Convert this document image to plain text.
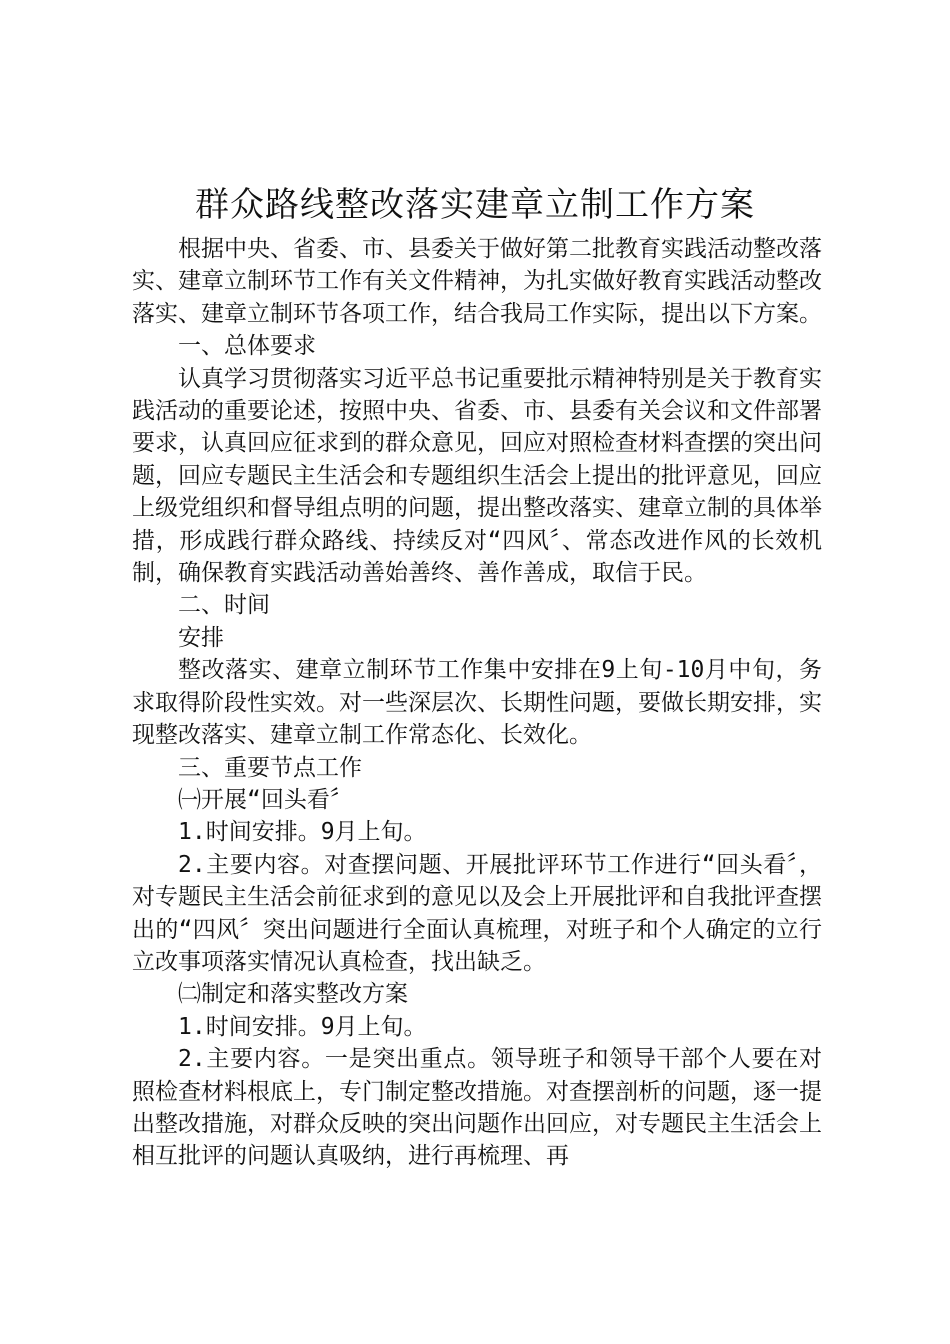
群众路线整改落实建章立制工作方案

根据中央、省委、市、县委关于做好第二批教育实践活动整改落实、建章立制环节工作有关文件精神，为扎实做好教育实践活动整改落实、建章立制环节各项工作，结合我局工作实际，提出以下方案。

一、总体要求

认真学习贯彻落实习近平总书记重要批示精神特别是关于教育实践活动的重要论述，按照中央、省委、市、县委有关会议和文件部署要求，认真回应征求到的群众意见，回应对照检查材料查摆的突出问题，回应专题民主生活会和专题组织生活会上提出的批评意见，回应上级党组织和督导组点明的问题，提出整改落实、建章立制的具体举措，形成践行群众路线、持续反对“四风〞、常态改进作风的长效机制，确保教育实践活动善始善终、善作善成，取信于民。

二、时间

安排

整改落实、建章立制环节工作集中安排在9上旬-10月中旬，务求取得阶段性实效。对一些深层次、长期性问题，要做长期安排，实现整改落实、建章立制工作常态化、长效化。

三、重要节点工作

㈠开展“回头看〞

1.时间安排。9月上旬。

2.主要内容。对查摆问题、开展批评环节工作进行“回头看〞，对专题民主生活会前征求到的意见以及会上开展批评和自我批评查摆出的“四风〞突出问题进行全面认真梳理，对班子和个人确定的立行立改事项落实情况认真检查，找出缺乏。

㈡制定和落实整改方案

1.时间安排。9月上旬。

2.主要内容。一是突出重点。领导班子和领导干部个人要在对照检查材料根底上，专门制定整改措施。对查摆剖析的问题，逐一提出整改措施，对群众反映的突出问题作出回应，对专题民主生活会上相互批评的问题认真吸纳，进行再梳理、再
